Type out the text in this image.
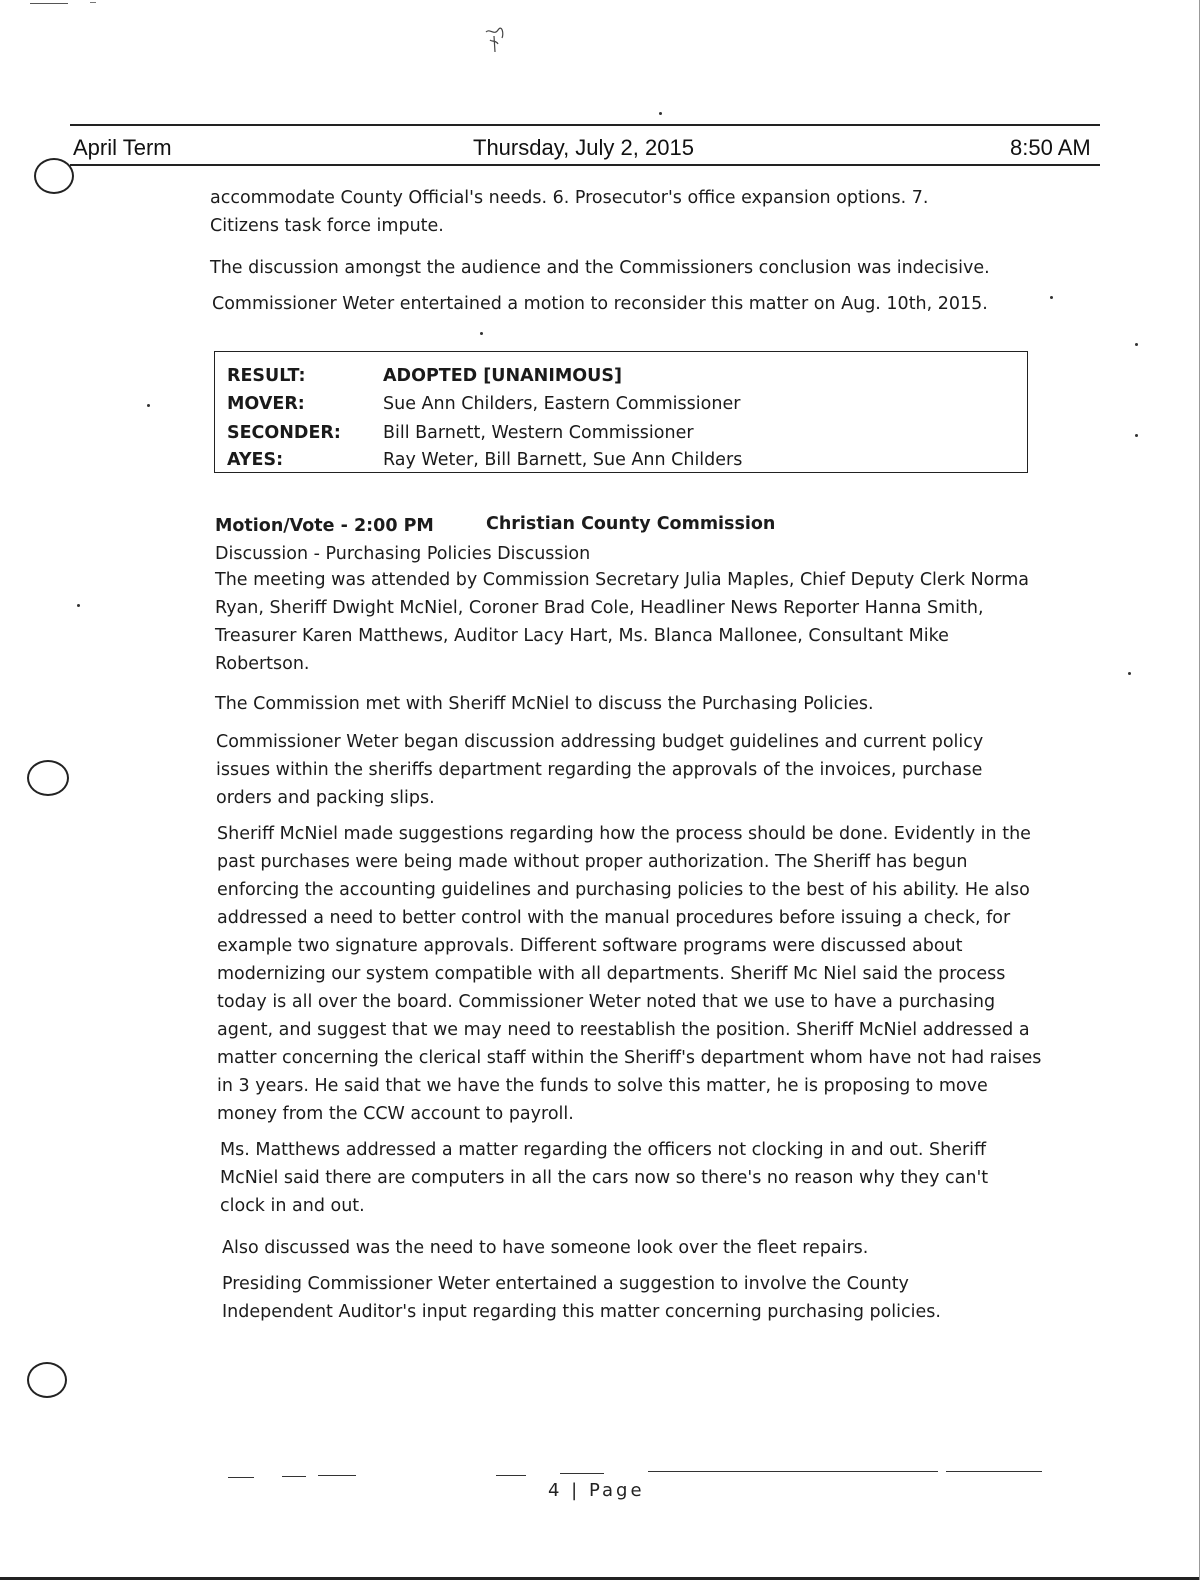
April Term	Thursday, July 2, 2015	8:50 AM

accommodate County Official's needs. 6. Prosecutor's office expansion options. 7. Citizens task force impute.

The discussion amongst the audience and the Commissioners conclusion was indecisive.

Commissioner Weter entertained a motion to reconsider this matter on Aug. 10th, 2015.

RESULT:	ADOPTED [UNANIMOUS]
MOVER:	Sue Ann Childers, Eastern Commissioner
SECONDER: Bill Barnett, Western Commissioner
AYES:	Ray Weter, Bill Barnett, Sue Ann Childers
Motion/Vote - 2:00 PM	Christian County Commission
Discussion - Purchasing Policies Discussion

The meeting was attended by Commission Secretary Julia Maples, Chief Deputy Clerk Norma Ryan, Sheriff Dwight McNiel, Coroner Brad Cole, Headliner News Reporter Hanna Smith, Treasurer Karen Matthews, Auditor Lacy Hart, Ms. Blanca Mallonee, Consultant Mike Robertson.

The Commission met with Sheriff McNiel to discuss the Purchasing Policies.

Commissioner Weter began discussion addressing budget guidelines and current policy issues within the sheriffs department regarding the approvals of the invoices, purchase orders and packing slips.

Sheriff McNiel made suggestions regarding how the process should be done. Evidently in the past purchases were being made without proper authorization. The Sheriff has begun enforcing the accounting guidelines and purchasing policies to the best of his ability. He also addressed a need to better control with the manual procedures before issuing a check, for example two signature approvals. Different software programs were discussed about modernizing our system compatible with all departments. Sheriff Mc Niel said the process today is all over the board. Commissioner Weter noted that we use to have a purchasing agent, and suggest that we may need to reestablish the position. Sheriff McNiel addressed a matter concerning the clerical staff within the Sheriff's department whom have not had raises in 3 years. He said that we have the funds to solve this matter, he is proposing to move money from the CCW account to payroll.

Ms. Matthews addressed a matter regarding the officers not clocking in and out. Sheriff McNiel said there are computers in all the cars now so there's no reason why they can't clock in and out.

Also discussed was the need to have someone look over the fleet repairs.

Presiding Commissioner Weter entertained a suggestion to involve the County Independent Auditor's input regarding this matter concerning purchasing policies.

4 | Page
